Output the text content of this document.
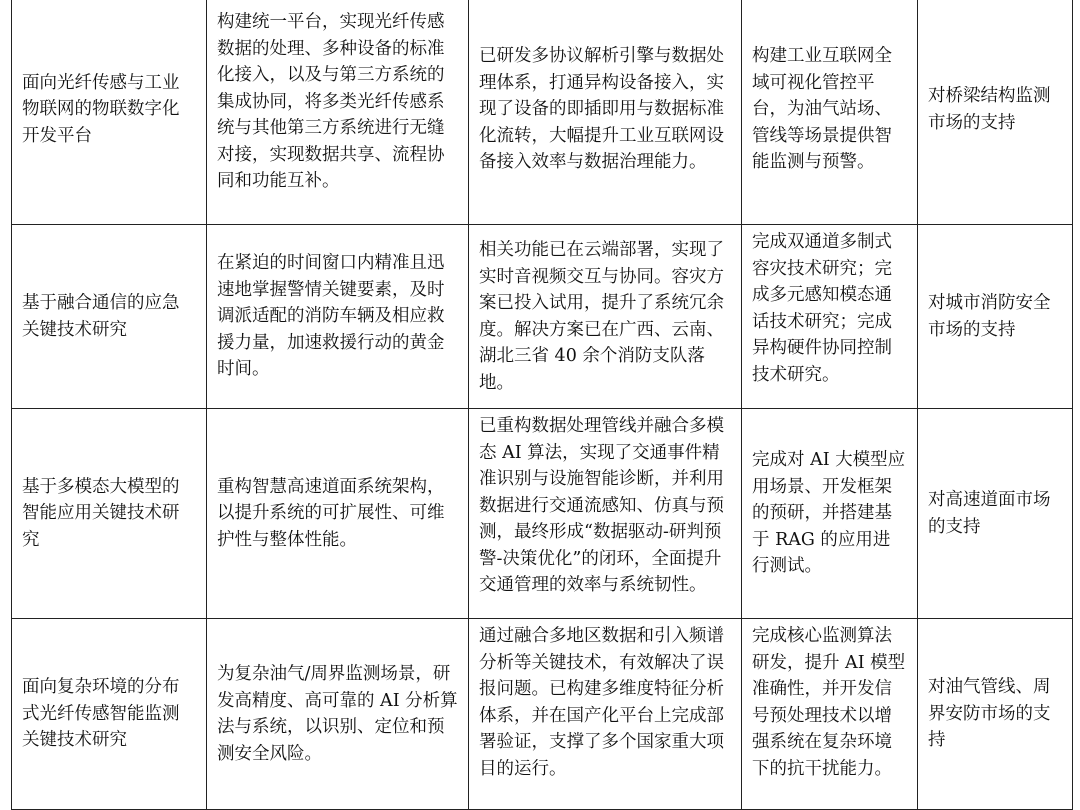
面向光纤传感与工业物联网的物联数字化开发平台	构建统一平台，实现光纤传感数据的处理、多种设备的标准化接入，以及与第三方系统的集成协同，将多类光纤传感系统与其他第三方系统进行无缝对接，实现数据共享、流程协同和功能互补。	已研发多协议解析引擎与数据处理体系，打通异构设备接入，实现了设备的即插即用与数据标准化流转，大幅提升工业互联网设备接入效率与数据治理能力。	构建工业互联网全域可视化管控平台，为油气站场、管线等场景提供智能监测与预警。	对桥梁结构监测市场的支持
基于融合通信的应急关键技术研究	在紧迫的时间窗口内精准且迅速地掌握警情关键要素，及时调派适配的消防车辆及相应救援力量，加速救援行动的黄金时间。	相关功能已在云端部署，实现了实时音视频交互与协同。容灾方案已投入试用，提升了系统冗余度。解决方案已在广西、云南、湖北三省 40 余个消防支队落地。	完成双通道多制式容灾技术研究；完成多元感知模态通话技术研究；完成异构硬件协同控制技术研究。	对城市消防安全市场的支持
基于多模态大模型的智能应用关键技术研究	重构智慧高速道面系统架构，以提升系统的可扩展性、可维护性与整体性能。	已重构数据处理管线并融合多模态 AI 算法，实现了交通事件精准识别与设施智能诊断，并利用数据进行交通流感知、仿真与预测，最终形成“数据驱动-研判预警-决策优化”的闭环，全面提升交通管理的效率与系统韧性。	完成对 AI 大模型应用场景、开发框架的预研，并搭建基于 RAG 的应用进行测试。	对高速道面市场的支持
面向复杂环境的分布式光纤传感智能监测关键技术研究	为复杂油气/周界监测场景，研发高精度、高可靠的 AI 分析算法与系统，以识别、定位和预测安全风险。	通过融合多地区数据和引入频谱分析等关键技术，有效解决了误报问题。已构建多维度特征分析体系，并在国产化平台上完成部署验证，支撑了多个国家重大项目的运行。	完成核心监测算法研发，提升 AI 模型准确性，并开发信号预处理技术以增强系统在复杂环境下的抗干扰能力。	对油气管线、周界安防市场的支持
